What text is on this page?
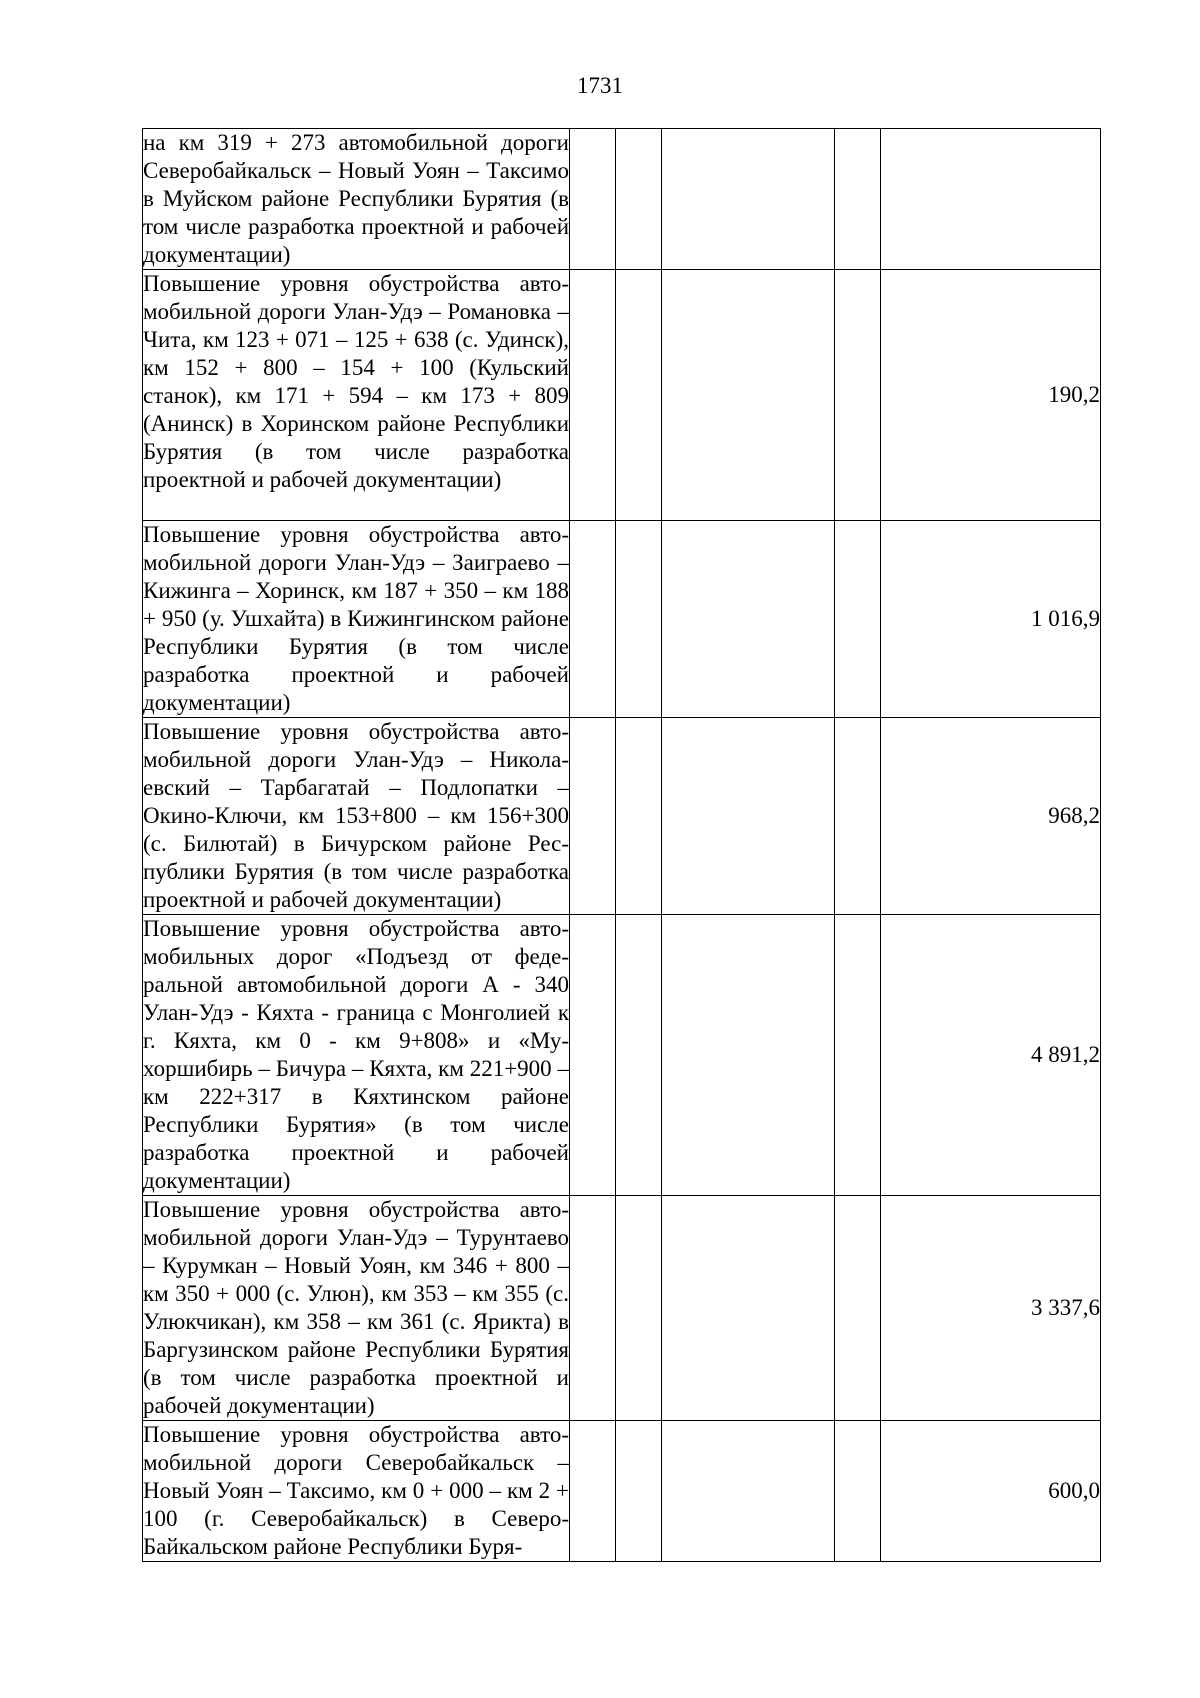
1731
на км 319 + 273 автомобильной дороги Северобайкальск – Новый Уоян – Таксимо в Муйском районе Республики Бурятия (в том числе разработка проектной и рабочей документации)					
Повышение уровня обустройства автомобильной дороги Улан-Удэ – Романовка – Чита, км 123 + 071 – 125 + 638 (с. Удинск), км 152 + 800 – 154 + 100 (Кульский станок), км 171 + 594 – км 173 + 809 (Анинск) в Хоринском районе Республики Бурятия (в том числе разработка проектной и рабочей документации)					190,2
Повышение уровня обустройства автомобильной дороги Улан-Удэ – Заиграево – Кижинга – Хоринск, км 187 + 350 – км 188 + 950 (у. Ушхайта) в Кижингинском районе Республики Бурятия (в том числе разработка проектной и рабочей документации)					1 016,9
Повышение уровня обустройства автомобильной дороги Улан-Удэ – Николаевский – Тарбагатай – Подлопатки – Окино-Ключи, км 153+800 – км 156+300 (с. Билютай) в Бичурском районе Республики Бурятия (в том числе разработка проектной и рабочей документации)					968,2
Повышение уровня обустройства автомобильных дорог «Подъезд от федеральной автомобильной дороги А - 340 Улан-Удэ - Кяхта - граница с Монголией к г. Кяхта, км 0 - км 9+808» и «Мухоршибирь – Бичура – Кяхта, км 221+900 – км 222+317 в Кяхтинском районе Республики Бурятия» (в том числе разработка проектной и рабочей документации)					4 891,2
Повышение уровня обустройства автомобильной дороги Улан-Удэ – Турунтаево – Курумкан – Новый Уоян, км 346 + 800 – км 350 + 000 (с. Улюн), км 353 – км 355 (с. Улюкчикан), км 358 – км 361 (с. Ярикта) в Баргузинском районе Республики Бурятия (в том числе разработка проектной и рабочей документации)					3 337,6
Повышение уровня обустройства автомобильной дороги Северобайкальск – Новый Уоян – Таксимо, км 0 + 000 – км 2 + 100 (г. Северобайкальск) в СевероБайкальском районе Республики Буря-					600,0
